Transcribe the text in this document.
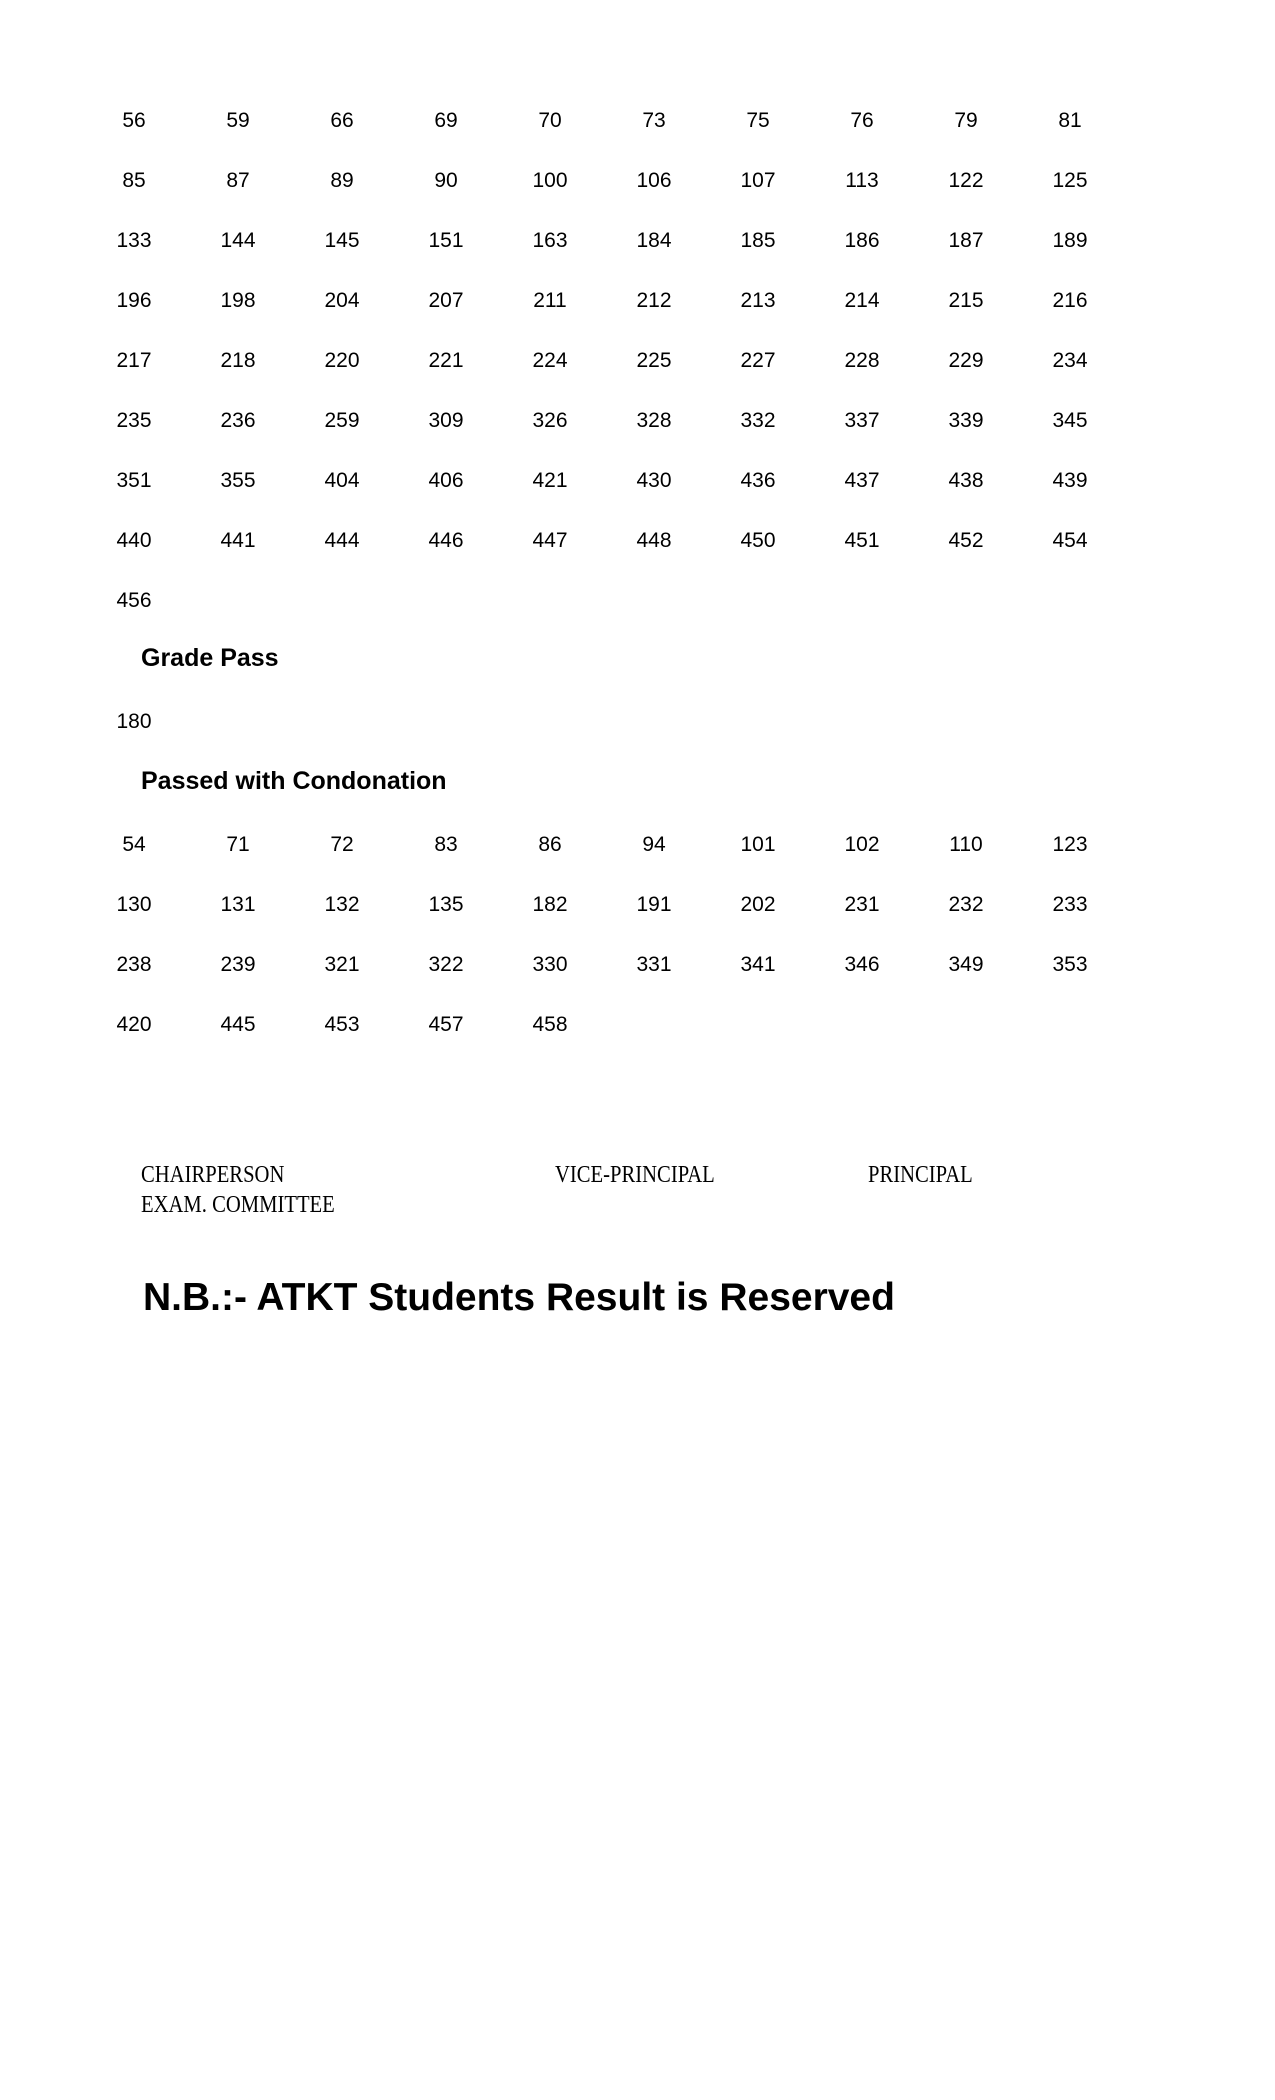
56	59	66	69	70	73	75	76	79	81
85	87	89	90	100	106	107	113	122	125
133	144	145	151	163	184	185	186	187	189
196	198	204	207	211	212	213	214	215	216
217	218	220	221	224	225	227	228	229	234
235	236	259	309	326	328	332	337	339	345
351	355	404	406	421	430	436	437	438	439
440	441	444	446	447	448	450	451	452	454
456
Grade Pass
180
Passed with Condonation
54	71	72	83	86	94	101	102	110	123
130	131	132	135	182	191	202	231	232	233
238	239	321	322	330	331	341	346	349	353
420	445	453	457	458
CHAIRPERSON
EXAM. COMMITTEE
VICE-PRINCIPAL	PRINCIPAL
N.B.:- ATKT Students Result is Reserved
